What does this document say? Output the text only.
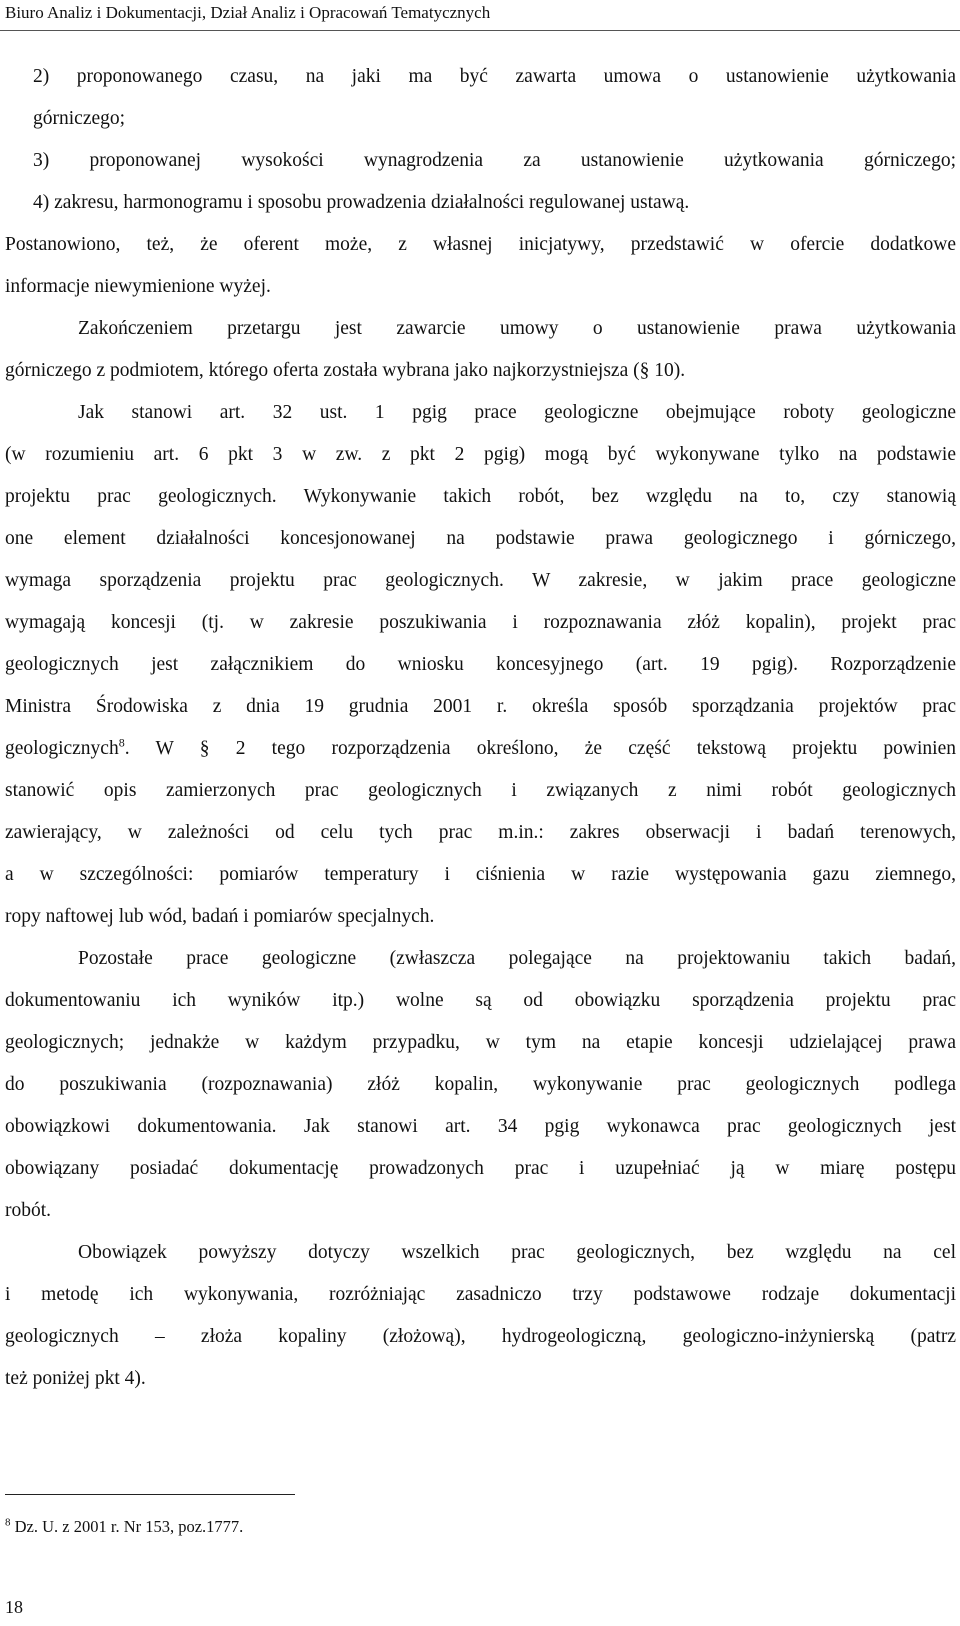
Biuro Analiz i Dokumentacji, Dział Analiz i Opracowań Tematycznych
2) proponowanego czasu, na jaki ma być zawarta umowa o ustanowienie użytkowania
górniczego;
3) proponowanej wysokości wynagrodzenia za ustanowienie użytkowania górniczego;
4) zakresu, harmonogramu i sposobu prowadzenia działalności regulowanej ustawą.
Postanowiono, też, że oferent może, z własnej inicjatywy, przedstawić w ofercie dodatkowe
informacje niewymienione wyżej.
Zakończeniem przetargu jest zawarcie umowy o ustanowienie prawa użytkowania
górniczego z podmiotem, którego oferta została wybrana jako najkorzystniejsza (§ 10).
Jak stanowi art. 32 ust. 1 pgig prace geologiczne obejmujące roboty geologiczne
(w rozumieniu art. 6 pkt 3 w zw. z pkt 2 pgig) mogą być wykonywane tylko na podstawie
projektu prac geologicznych. Wykonywanie takich robót, bez względu na to, czy stanowią
one element działalności koncesjonowanej na podstawie prawa geologicznego i górniczego,
wymaga sporządzenia projektu prac geologicznych. W zakresie, w jakim prace geologiczne
wymagają koncesji (tj. w zakresie poszukiwania i rozpoznawania złóż kopalin), projekt prac
geologicznych jest załącznikiem do wniosku koncesyjnego (art. 19 pgig). Rozporządzenie
Ministra Środowiska z dnia 19 grudnia 2001 r. określa sposób sporządzania projektów prac
geologicznych$^8$. W § 2 tego rozporządzenia określono, że część tekstową projektu powinien
stanowić opis zamierzonych prac geologicznych i związanych z nimi robót geologicznych
zawierający, w zależności od celu tych prac m.in.: zakres obserwacji i badań terenowych,
a w szczególności: pomiarów temperatury i ciśnienia w razie występowania gazu ziemnego,
ropy naftowej lub wód, badań i pomiarów specjalnych.
Pozostałe prace geologiczne (zwłaszcza polegające na projektowaniu takich badań,
dokumentowaniu ich wyników itp.) wolne są od obowiązku sporządzenia projektu prac
geologicznych; jednakże w każdym przypadku, w tym na etapie koncesji udzielającej prawa
do poszukiwania (rozpoznawania) złóż kopalin, wykonywanie prac geologicznych podlega
obowiązkowi dokumentowania. Jak stanowi art. 34 pgig wykonawca prac geologicznych jest
obowiązany posiadać dokumentację prowadzonych prac i uzupełniać ją w miarę postępu
robót.
Obowiązek powyższy dotyczy wszelkich prac geologicznych, bez względu na cel
i metodę ich wykonywania, rozróżniając zasadniczo trzy podstawowe rodzaje dokumentacji
geologicznych – złoża kopaliny (złożową), hydrogeologiczną, geologiczno-inżynierską (patrz
też poniżej pkt 4).
$^8$ Dz. U. z 2001 r. Nr 153, poz.1777.
18
